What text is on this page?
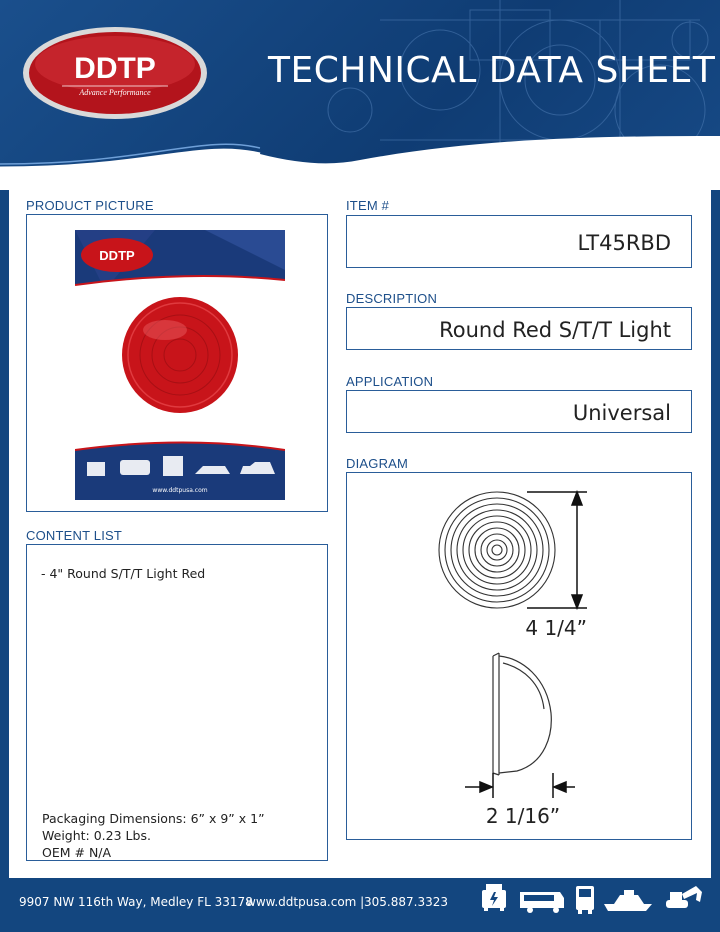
DDTP
Advance Performance
TECHNICAL DATA SHEET
PRODUCT PICTURE
DDTP
www.ddtpusa.com
ITEM #
LT45RBD
DESCRIPTION
Round Red S/T/T Light
APPLICATION
Universal
DIAGRAM
4 1/4”
2 1/16”
CONTENT LIST
- 4" Round S/T/T Light Red
Packaging Dimensions: 6” x 9” x 1”
Weight: 0.23 Lbs.
OEM # N/A
9907 NW 116th Way, Medley FL 33178
www.ddtpusa.com | 305.887.3323
